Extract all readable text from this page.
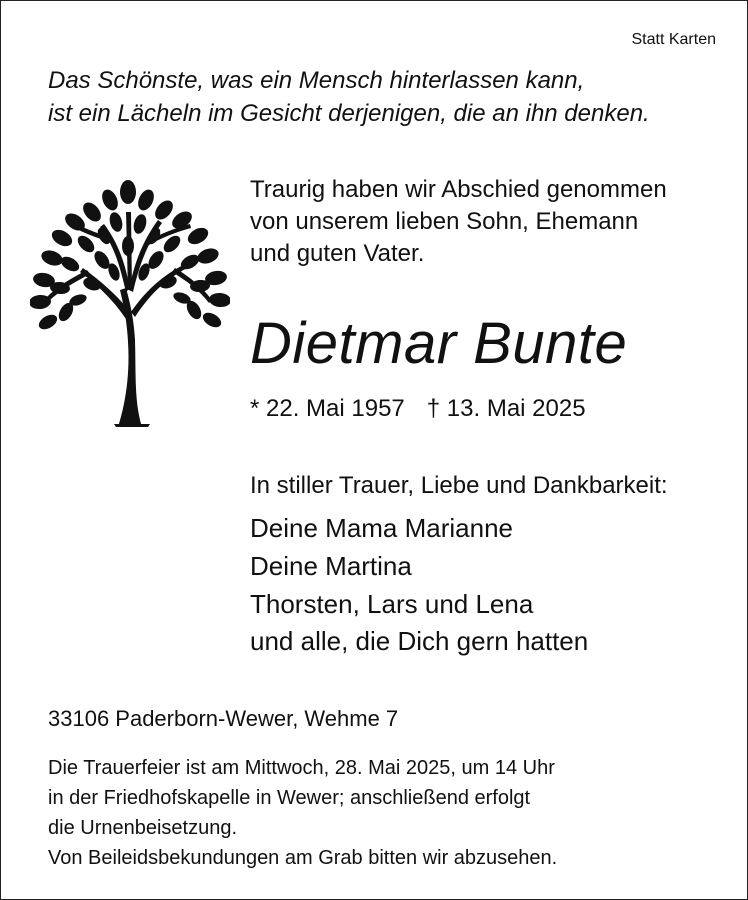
Statt Karten
Das Schönste, was ein Mensch hinterlassen kann,
ist ein Lächeln im Gesicht derjenigen, die an ihn denken.
Traurig haben wir Abschied genommen
von unserem lieben Sohn, Ehemann
und guten Vater.
Dietmar Bunte
* 22. Mai 1957 † 13. Mai 2025
In stiller Trauer, Liebe und Dankbarkeit:
Deine Mama Marianne
Deine Martina
Thorsten, Lars und Lena
und alle, die Dich gern hatten
33106 Paderborn-Wewer, Wehme 7
Die Trauerfeier ist am Mittwoch, 28. Mai 2025, um 14 Uhr
in der Friedhofskapelle in Wewer; anschließend erfolgt
die Urnenbeisetzung.
Von Beileidsbekundungen am Grab bitten wir abzusehen.
